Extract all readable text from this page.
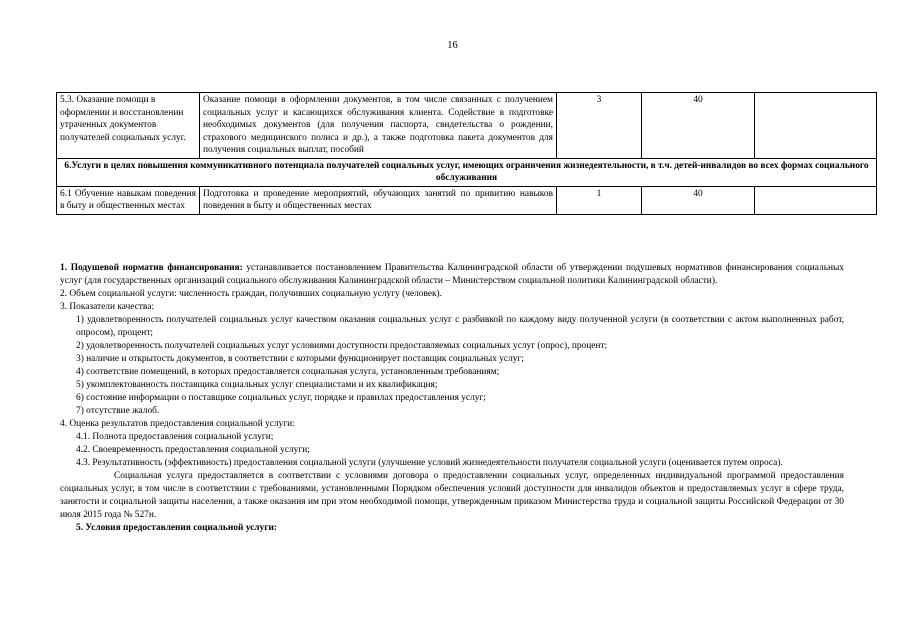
16
5.3. Оказание помощи в оформлении и восстановлении утраченных документов получателей социальных услуг.	Оказание помощи в оформлении документов, в том числе связанных с получением социальных услуг и касающихся обслуживания клиента. Содействие в подготовке необходимых документов (для получения паспорта, свидетельства о рождении, страхового медицинского полиса и др.), а также подготовка пакета документов для получения социальных выплат, пособий	3	40	
6.Услуги в целях повышения коммуникативного потенциала получателей социальных услуг, имеющих ограничения жизнедеятельности, в т.ч. детей-инвалидов во всех формах социального обслуживания				
6.1 Обучение навыкам поведения в быту и общественных местах	Подготовка и проведение мероприятий, обучающих занятий по привитию навыков поведения в быту и общественных местах	1	40	

1. Подушевой норматив финансирования: устанавливается постановлением Правительства Калининградской области об утверждении подушевых нормативов финансирования социальных услуг (для государственных организаций социального обслуживания Калининградской области – Министерством социальной политики Калининградской области).

2. Объем социальной услуги: численность граждан, получивших социальную услугу (человек).

3. Показатели качества:

1) удовлетворенность получателей социальных услуг качеством оказания социальных услуг с разбивкой по каждому виду полученной услуги (в соответствии с актом выполненных работ, опросом), процент;

2) удовлетворенность получателей социальных услуг условиями доступности предоставляемых социальных услуг (опрос), процент;

3) наличие и открытость документов, в соответствии с которыми функционирует поставщик социальных услуг;

4) соответствие помещений, в которых предоставляется социальная услуга, установленным требованиям;

5) укомплектованность поставщика социальных услуг специалистами и их квалификация;

6) состояние информации о поставщике социальных услуг, порядке и правилах предоставления услуг;

7) отсутствие жалоб.

4. Оценка результатов предоставления социальной услуги:

4.1. Полнота предоставления социальной услуги;

4.2. Своевременность предоставления социальной услуги;

4.3. Результативность (эффективность) предоставления социальной услуги (улучшение условий жизнедеятельности получателя социальной услуги (оценивается путем опроса).

Социальная услуга предоставляется в соответствии с условиями договора о предоставлении социальных услуг, определенных индивидуальной программой предоставления социальных услуг, в том числе в соответствии с требованиями, установленными Порядком обеспечения условий доступности для инвалидов объектов и предоставляемых услуг в сфере труда, занятости и социальной защиты населения, а также оказания им при этом необходимой помощи, утвержденным приказом Министерства труда и социальной защиты Российской Федерации от 30 июля 2015 года № 527н.

5. Условия предоставления социальной услуги:
